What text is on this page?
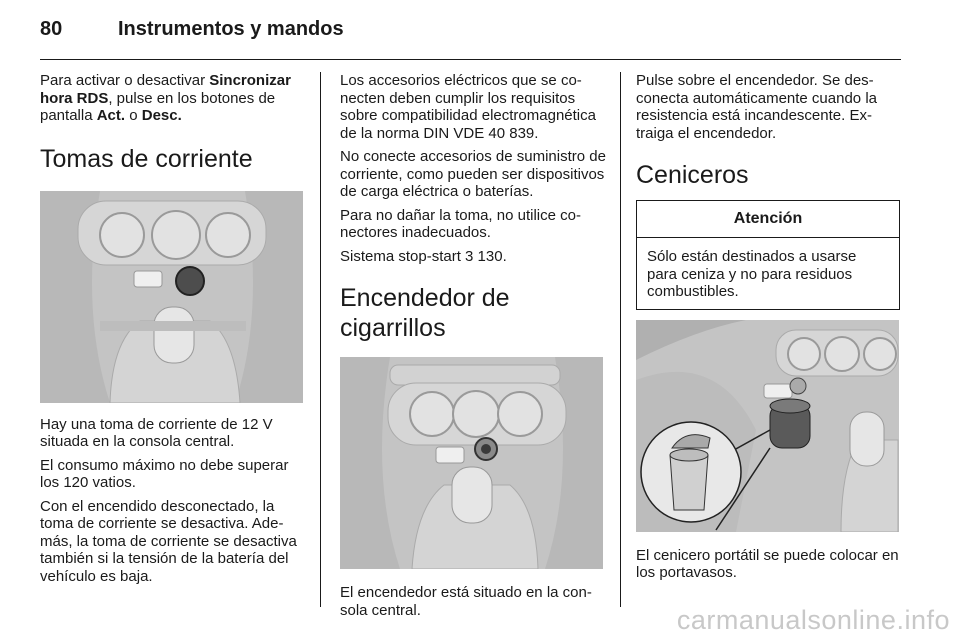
80	Instrumentos y mandos

Para activar o desactivar Sincronizar hora RDS, pulse en los botones de pantalla Act. o Desc.

Tomas de corriente

Hay una toma de corriente de 12 V situada en la consola central.

El consumo máximo no debe superar los 120 vatios.

Con el encendido desconectado, la toma de corriente se desactiva. Además, la toma de corriente se desactiva también si la tensión de la batería del vehículo es baja.

Los accesorios eléctricos que se conecten deben cumplir los requisitos sobre compatibilidad electromagnética de la norma DIN VDE 40 839.

No conecte accesorios de suministro de corriente, como pueden ser dispositivos de carga eléctrica o baterías.

Para no dañar la toma, no utilice conectores inadecuados.

Sistema stop-start 3 130.

Encendedor de cigarrillos

El encendedor está situado en la consola central.

Pulse sobre el encendedor. Se desconecta automáticamente cuando la resistencia está incandescente. Extraiga el encendedor.

Ceniceros
Atención
Sólo están destinados a usarse para ceniza y no para residuos combustibles.

El cenicero portátil se puede colocar en los portavasos.

carmanualsonline.info
